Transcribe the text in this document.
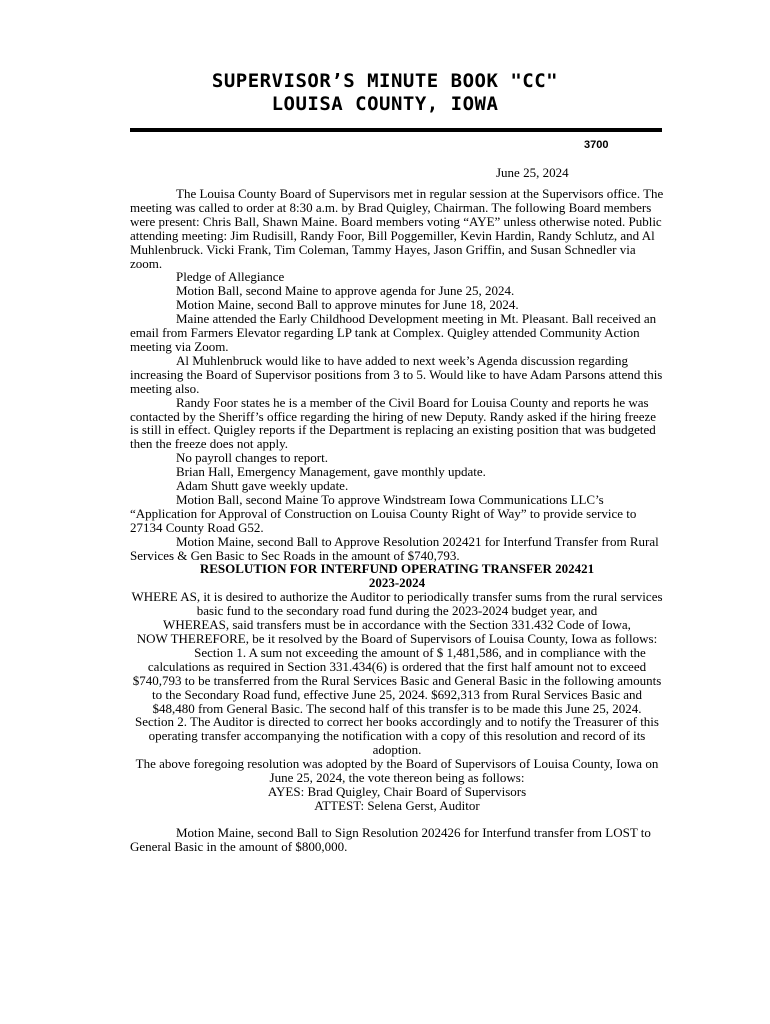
SUPERVISOR’S MINUTE BOOK "CC"
LOUISA COUNTY, IOWA
3700
June 25, 2024

The Louisa County Board of Supervisors met in regular session at the Supervisors office. The meeting was called to order at 8:30 a.m. by Brad Quigley, Chairman. The following Board members were present: Chris Ball, Shawn Maine. Board members voting “AYE” unless otherwise noted. Public attending meeting: Jim Rudisill, Randy Foor, Bill Poggemiller, Kevin Hardin, Randy Schlutz, and Al Muhlenbruck. Vicki Frank, Tim Coleman, Tammy Hayes, Jason Griffin, and Susan Schnedler via zoom.

Pledge of Allegiance

Motion Ball, second Maine to approve agenda for June 25, 2024.

Motion Maine, second Ball to approve minutes for June 18, 2024.

Maine attended the Early Childhood Development meeting in Mt. Pleasant. Ball received an email from Farmers Elevator regarding LP tank at Complex. Quigley attended Community Action meeting via Zoom.

Al Muhlenbruck would like to have added to next week’s Agenda discussion regarding increasing the Board of Supervisor positions from 3 to 5. Would like to have Adam Parsons attend this meeting also.

Randy Foor states he is a member of the Civil Board for Louisa County and reports he was contacted by the Sheriff’s office regarding the hiring of new Deputy. Randy asked if the hiring freeze is still in effect. Quigley reports if the Department is replacing an existing position that was budgeted then the freeze does not apply.

No payroll changes to report.

Brian Hall, Emergency Management, gave monthly update.

Adam Shutt gave weekly update.

Motion Ball, second Maine To approve Windstream Iowa Communications LLC’s “Application for Approval of Construction on Louisa County Right of Way” to provide service to 27134 County Road G52.

Motion Maine, second Ball to Approve Resolution 202421 for Interfund Transfer from Rural Services & Gen Basic to Sec Roads in the amount of $740,793.

RESOLUTION FOR INTERFUND OPERATING TRANSFER 202421

2023-2024

WHERE AS, it is desired to authorize the Auditor to periodically transfer sums from the rural services basic fund to the secondary road fund during the 2023-2024 budget year, and

WHEREAS, said transfers must be in accordance with the Section 331.432 Code of Iowa,

NOW THEREFORE, be it resolved by the Board of Supervisors of Louisa County, Iowa as follows:

Section 1. A sum not exceeding the amount of $ 1,481,586, and in compliance with the calculations as required in Section 331.434(6) is ordered that the first half amount not to exceed $740,793 to be transferred from the Rural Services Basic and General Basic in the following amounts to the Secondary Road fund, effective June 25, 2024. $692,313 from Rural Services Basic and $48,480 from General Basic. The second half of this transfer is to be made this June 25, 2024.

Section 2. The Auditor is directed to correct her books accordingly and to notify the Treasurer of this operating transfer accompanying the notification with a copy of this resolution and record of its adoption.

The above foregoing resolution was adopted by the Board of Supervisors of Louisa County, Iowa on June 25, 2024, the vote thereon being as follows:

AYES: Brad Quigley, Chair Board of Supervisors

ATTEST: Selena Gerst, Auditor

Motion Maine, second Ball to Sign Resolution 202426 for Interfund transfer from LOST to General Basic in the amount of $800,000.
